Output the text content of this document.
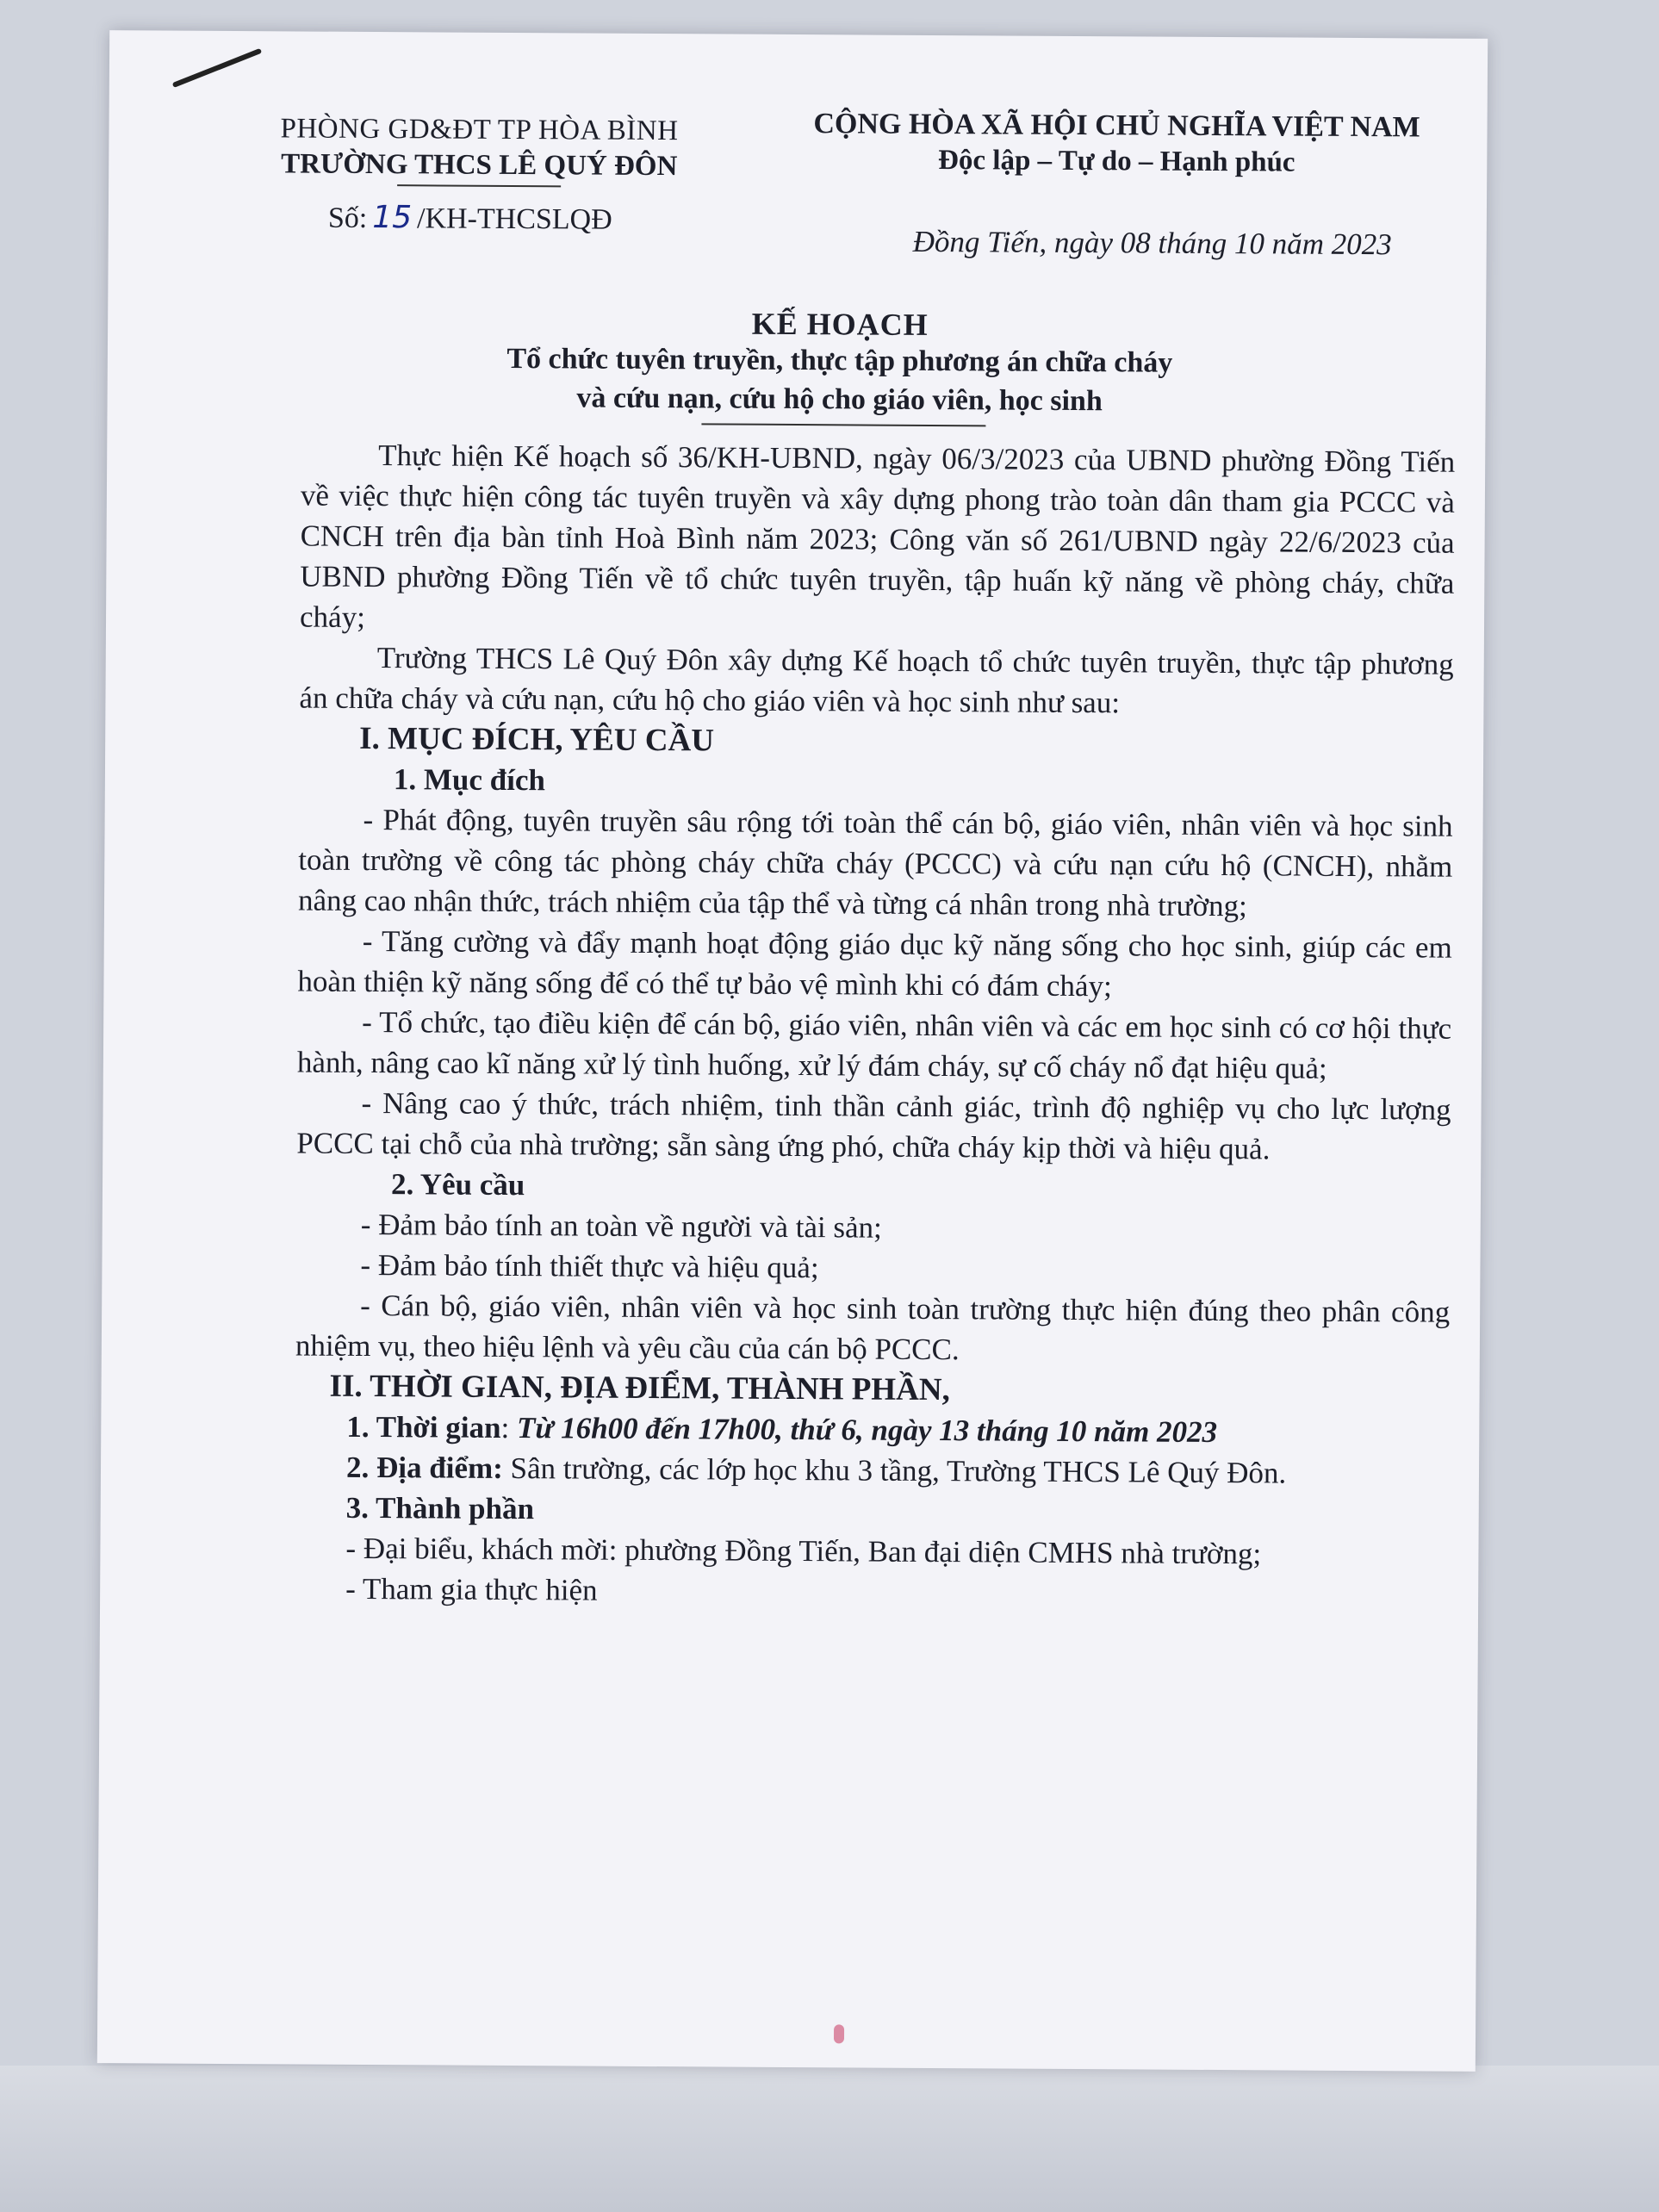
PHÒNG GD&ĐT TP HÒA BÌNH
TRƯỜNG THCS LÊ QUÝ ĐÔN
Số: 15 /KH-THCSLQĐ
CỘNG HÒA XÃ HỘI CHỦ NGHĨA VIỆT NAM
Độc lập – Tự do – Hạnh phúc
Đồng Tiến, ngày 08 tháng 10 năm 2023
KẾ HOẠCH
Tổ chức tuyên truyền, thực tập phương án chữa cháy
và cứu nạn, cứu hộ cho giáo viên, học sinh

Thực hiện Kế hoạch số 36/KH-UBND, ngày 06/3/2023 của UBND phường Đồng Tiến về việc thực hiện công tác tuyên truyền và xây dựng phong trào toàn dân tham gia PCCC và CNCH trên địa bàn tỉnh Hoà Bình năm 2023; Công văn số 261/UBND ngày 22/6/2023 của UBND phường Đồng Tiến về tổ chức tuyên truyền, tập huấn kỹ năng về phòng cháy, chữa cháy;

Trường THCS Lê Quý Đôn xây dựng Kế hoạch tổ chức tuyên truyền, thực tập phương án chữa cháy và cứu nạn, cứu hộ cho giáo viên và học sinh như sau:

I. MỤC ĐÍCH, YÊU CẦU

1. Mục đích

- Phát động, tuyên truyền sâu rộng tới toàn thể cán bộ, giáo viên, nhân viên và học sinh toàn trường về công tác phòng cháy chữa cháy (PCCC) và cứu nạn cứu hộ (CNCH), nhằm nâng cao nhận thức, trách nhiệm của tập thể và từng cá nhân trong nhà trường;

- Tăng cường và đẩy mạnh hoạt động giáo dục kỹ năng sống cho học sinh, giúp các em hoàn thiện kỹ năng sống để có thể tự bảo vệ mình khi có đám cháy;

- Tổ chức, tạo điều kiện để cán bộ, giáo viên, nhân viên và các em học sinh có cơ hội thực hành, nâng cao kĩ năng xử lý tình huống, xử lý đám cháy, sự cố cháy nổ đạt hiệu quả;

- Nâng cao ý thức, trách nhiệm, tinh thần cảnh giác, trình độ nghiệp vụ cho lực lượng PCCC tại chỗ của nhà trường; sẵn sàng ứng phó, chữa cháy kịp thời và hiệu quả.

2. Yêu cầu

- Đảm bảo tính an toàn về người và tài sản;

- Đảm bảo tính thiết thực và hiệu quả;

- Cán bộ, giáo viên, nhân viên và học sinh toàn trường thực hiện đúng theo phân công nhiệm vụ, theo hiệu lệnh và yêu cầu của cán bộ PCCC.

II. THỜI GIAN, ĐỊA ĐIỂM, THÀNH PHẦN,

1. Thời gian: Từ 16h00 đến 17h00, thứ 6, ngày 13 tháng 10 năm 2023

2. Địa điểm: Sân trường, các lớp học khu 3 tầng, Trường THCS Lê Quý Đôn.

3. Thành phần

- Đại biểu, khách mời: phường Đồng Tiến, Ban đại diện CMHS nhà trường;

- Tham gia thực hiện
